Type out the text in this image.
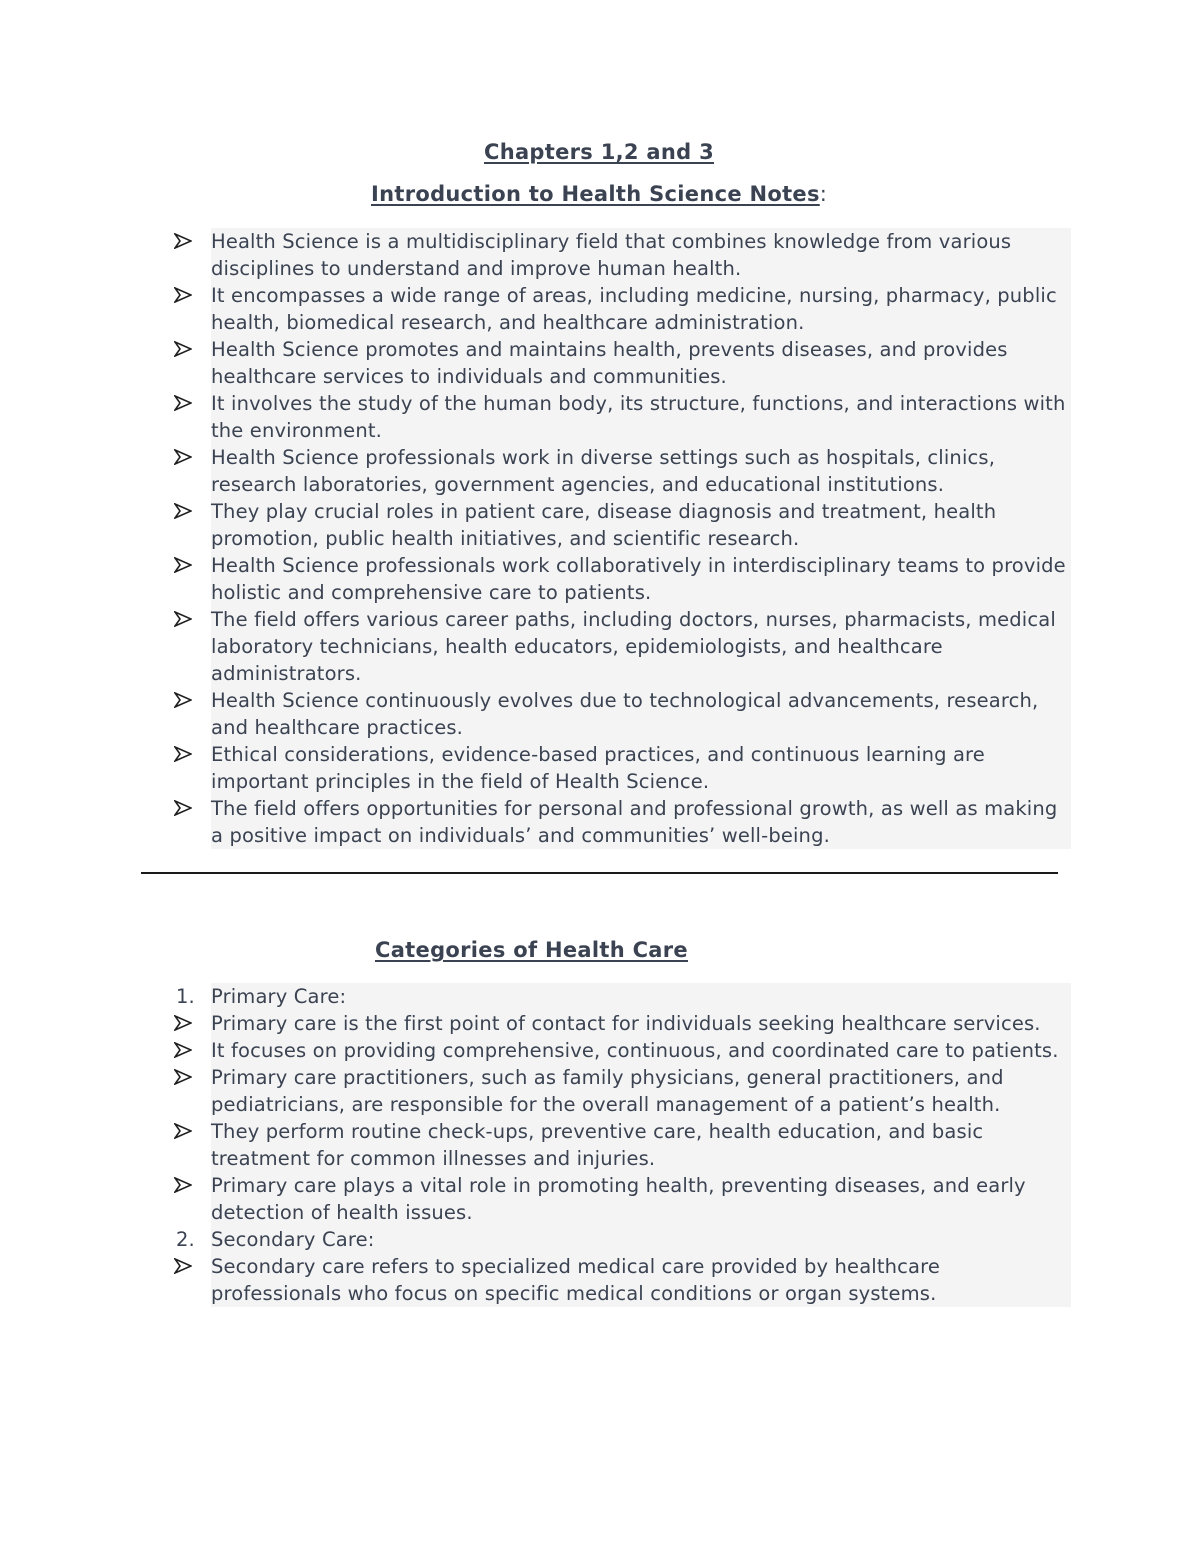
Chapters 1,2 and 3
Introduction to Health Science Notes:
Health Science is a multidisciplinary field that combines knowledge from various disciplines to understand and improve human health.
It encompasses a wide range of areas, including medicine, nursing, pharmacy, public health, biomedical research, and healthcare administration.
Health Science promotes and maintains health, prevents diseases, and provides healthcare services to individuals and communities.
It involves the study of the human body, its structure, functions, and interactions with the environment.
Health Science professionals work in diverse settings such as hospitals, clinics, research laboratories, government agencies, and educational institutions.
They play crucial roles in patient care, disease diagnosis and treatment, health promotion, public health initiatives, and scientific research.
Health Science professionals work collaboratively in interdisciplinary teams to provide holistic and comprehensive care to patients.
The field offers various career paths, including doctors, nurses, pharmacists, medical laboratory technicians, health educators, epidemiologists, and healthcare administrators.
Health Science continuously evolves due to technological advancements, research, and healthcare practices.
Ethical considerations, evidence-based practices, and continuous learning are important principles in the field of Health Science.
The field offers opportunities for personal and professional growth, as well as making a positive impact on individuals’ and communities’ well-being.
Categories of Health Care
1. Primary Care:
Primary care is the first point of contact for individuals seeking healthcare services.
It focuses on providing comprehensive, continuous, and coordinated care to patients.
Primary care practitioners, such as family physicians, general practitioners, and pediatricians, are responsible for the overall management of a patient’s health.
They perform routine check-ups, preventive care, health education, and basic treatment for common illnesses and injuries.
Primary care plays a vital role in promoting health, preventing diseases, and early detection of health issues.
2. Secondary Care:
Secondary care refers to specialized medical care provided by healthcare professionals who focus on specific medical conditions or organ systems.
